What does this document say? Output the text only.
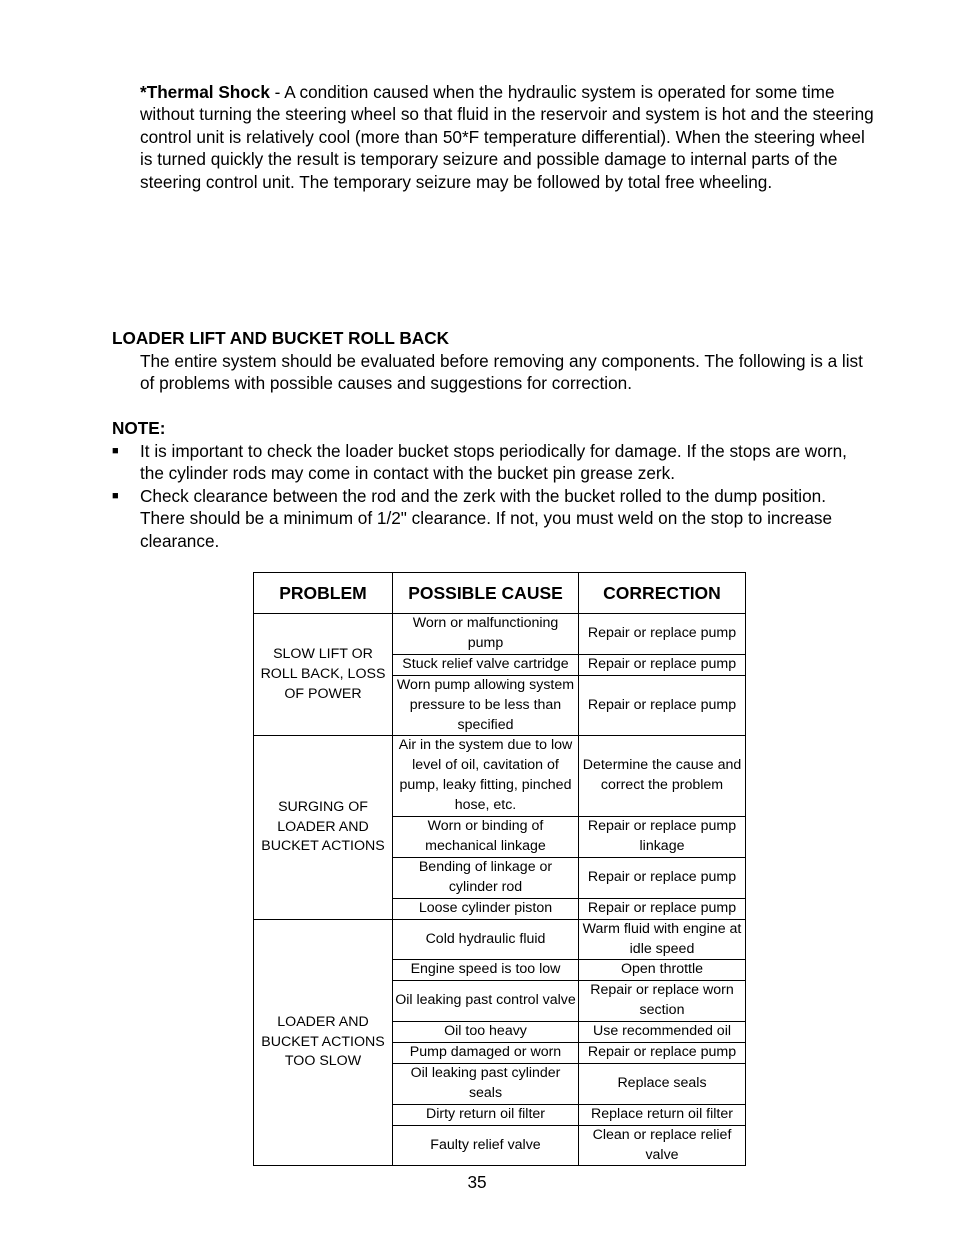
*Thermal Shock - A condition caused when the hydraulic system is operated for some time without turning the steering wheel so that fluid in the reservoir and system is hot and the steering control unit is relatively cool (more than 50*F temperature differential). When the steering wheel is turned quickly the result is temporary seizure and possible damage to internal parts of the steering control unit. The temporary seizure may be followed by total free wheeling.
LOADER LIFT AND BUCKET ROLL BACK
The entire system should be evaluated before removing any components. The following is a list of problems with possible causes and suggestions for correction.
NOTE:
■ It is important to check the loader bucket stops periodically for damage. If the stops are worn, the cylinder rods may come in contact with the bucket pin grease zerk.
■ Check clearance between the rod and the zerk with the bucket rolled to the dump position. There should be a minimum of 1/2" clearance. If not, you must weld on the stop to increase clearance.
PROBLEM	POSSIBLE CAUSE	CORRECTION
SLOW LIFT OR ROLL BACK, LOSS OF POWER	Worn or malfunctioning pump	Repair or replace pump
	Stuck relief valve cartridge	Repair or replace pump
	Worn pump allowing system pressure to be less than specified	Repair or replace pump
SURGING OF LOADER AND BUCKET ACTIONS	Air in the system due to low level of oil, cavitation of pump, leaky fitting, pinched hose, etc.	Determine the cause and correct the problem
	Worn or binding of mechanical linkage	Repair or replace pump linkage
	Bending of linkage or cylinder rod	Repair or replace pump
	Loose cylinder piston	Repair or replace pump
LOADER AND BUCKET ACTIONS TOO SLOW	Cold hydraulic fluid	Warm fluid with engine at idle speed
	Engine speed is too low	Open throttle
	Oil leaking past control valve	Repair or replace worn section
	Oil too heavy	Use recommended oil
	Pump damaged or worn	Repair or replace pump
	Oil leaking past cylinder seals	Replace seals
	Dirty return oil filter	Replace return oil filter
	Faulty relief valve	Clean or replace relief valve
35
